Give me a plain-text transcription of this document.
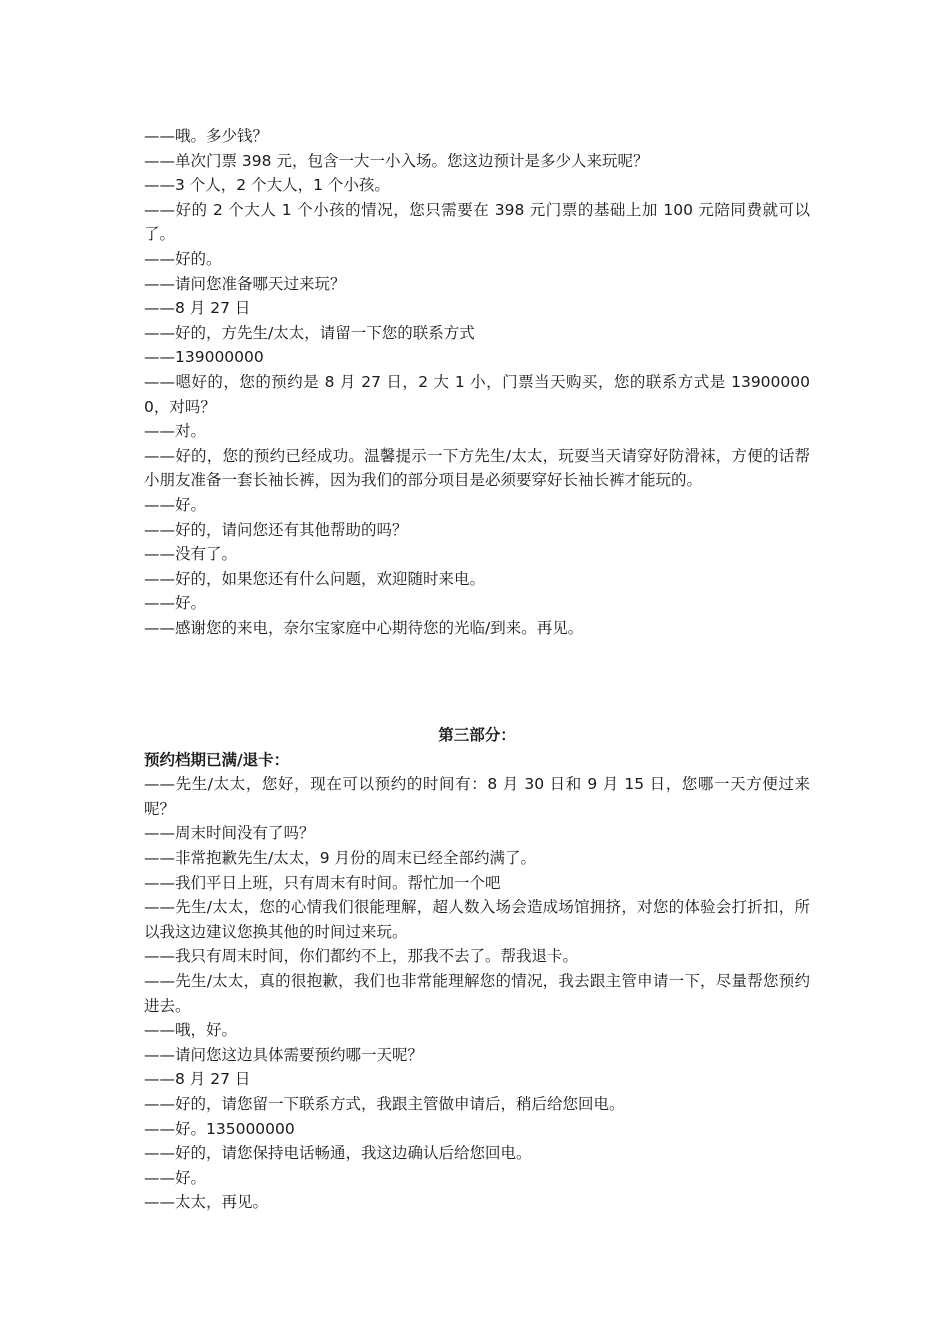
——哦。多少钱？

——单次门票 398 元，包含一大一小入场。您这边预计是多少人来玩呢？

——3 个人，2 个大人，1 个小孩。

——好的 2 个大人 1 个小孩的情况，您只需要在 398 元门票的基础上加 100 元陪同费就可以了。

——好的。

——请问您准备哪天过来玩？

——8 月 27 日

——好的，方先生/太太，请留一下您的联系方式

——139000000

——嗯好的，您的预约是 8 月 27 日，2 大 1 小，门票当天购买，您的联系方式是 139000000，对吗？

——对。

——好的，您的预约已经成功。温馨提示一下方先生/太太，玩耍当天请穿好防滑袜，方便的话帮小朋友准备一套长袖长裤，因为我们的部分项目是必须要穿好长袖长裤才能玩的。

——好。

——好的，请问您还有其他帮助的吗？

——没有了。

——好的，如果您还有什么问题，欢迎随时来电。

——好。

——感谢您的来电，奈尔宝家庭中心期待您的光临/到来。再见。

第三部分：

预约档期已满/退卡：

——先生/太太，您好，现在可以预约的时间有：8 月 30 日和 9 月 15 日，您哪一天方便过来呢？

——周末时间没有了吗？

——非常抱歉先生/太太，9 月份的周末已经全部约满了。

——我们平日上班，只有周末有时间。帮忙加一个吧

——先生/太太，您的心情我们很能理解，超人数入场会造成场馆拥挤，对您的体验会打折扣，所以我这边建议您换其他的时间过来玩。

——我只有周末时间，你们都约不上，那我不去了。帮我退卡。

——先生/太太，真的很抱歉，我们也非常能理解您的情况，我去跟主管申请一下，尽量帮您预约进去。

——哦，好。

——请问您这边具体需要预约哪一天呢？

——8 月 27 日

——好的，请您留一下联系方式，我跟主管做申请后，稍后给您回电。

——好。135000000

——好的，请您保持电话畅通，我这边确认后给您回电。

——好。

——太太，再见。
